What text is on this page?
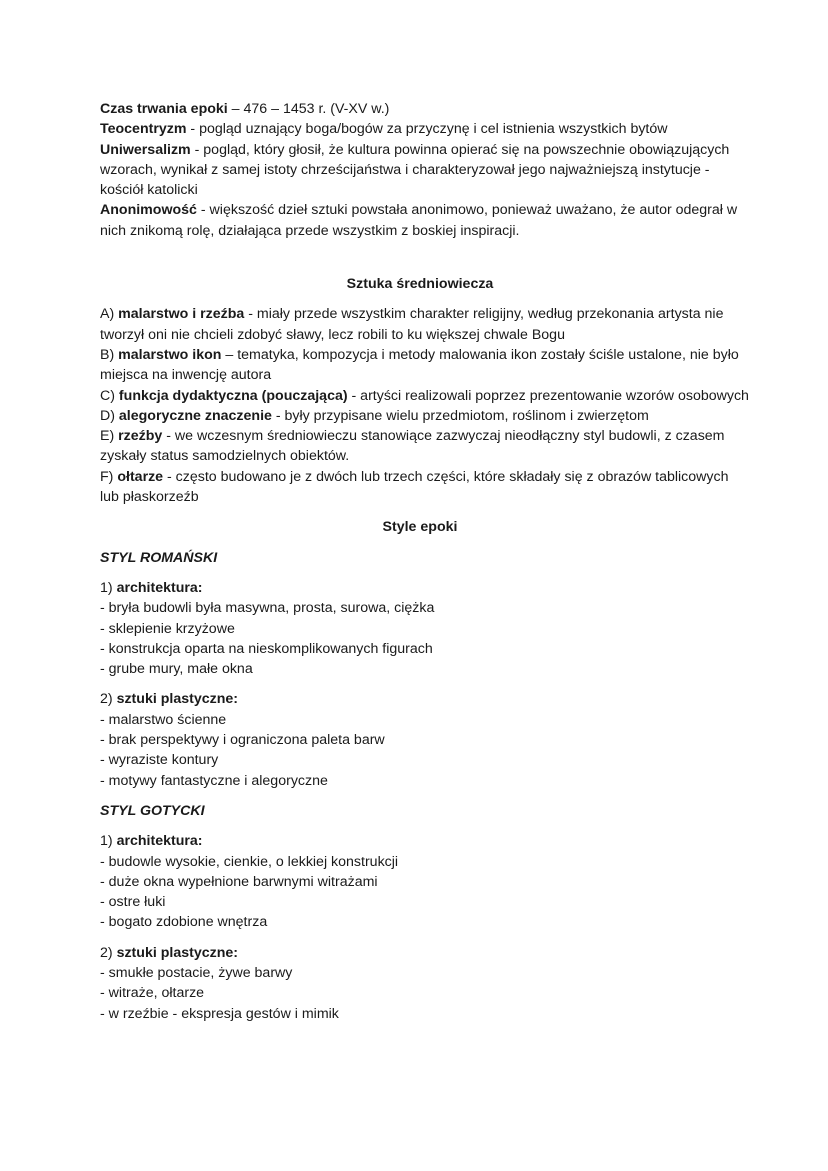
Czas trwania epoki – 476 – 1453 r. (V-XV w.)
Teocentryzm - pogląd uznający boga/bogów za przyczynę i cel istnienia wszystkich bytów
Uniwersalizm - pogląd, który głosił, że kultura powinna opierać się na powszechnie obowiązujących
wzorach, wynikał z samej istoty chrześcijaństwa i charakteryzował jego najważniejszą instytucje -
kościół katolicki
Anonimowość - większość dzieł sztuki powstała anonimowo, ponieważ uważano, że autor odegrał w
nich znikomą rolę, działająca przede wszystkim z boskiej inspiracji.
Sztuka średniowiecza
A) malarstwo i rzeźba - miały przede wszystkim charakter religijny, według przekonania artysta nie
tworzył oni nie chcieli zdobyć sławy, lecz robili to ku większej chwale Bogu
B) malarstwo ikon – tematyka, kompozycja i metody malowania ikon zostały ściśle ustalone, nie było
miejsca na inwencję autora
C) funkcja dydaktyczna (pouczająca) - artyści realizowali poprzez prezentowanie wzorów osobowych
D) alegoryczne znaczenie - były przypisane wielu przedmiotom, roślinom i zwierzętom
E) rzeźby - we wczesnym średniowieczu stanowiące zazwyczaj nieodłączny styl budowli, z czasem
zyskały status samodzielnych obiektów.
F) ołtarze - często budowano je z dwóch lub trzech części, które składały się z obrazów tablicowych
lub płaskorzeźb
Style epoki
STYL ROMAŃSKI
1) architektura:
- bryła budowli była masywna, prosta, surowa, ciężka
- sklepienie krzyżowe
- konstrukcja oparta na nieskomplikowanych figurach
- grube mury, małe okna
2) sztuki plastyczne:
- malarstwo ścienne
- brak perspektywy i ograniczona paleta barw
- wyraziste kontury
- motywy fantastyczne i alegoryczne
STYL GOTYCKI
1) architektura:
- budowle wysokie, cienkie, o lekkiej konstrukcji
- duże okna wypełnione barwnymi witrażami
- ostre łuki
- bogato zdobione wnętrza
2) sztuki plastyczne:
- smukłe postacie, żywe barwy
- witraże, ołtarze
- w rzeźbie - ekspresja gestów i mimik
